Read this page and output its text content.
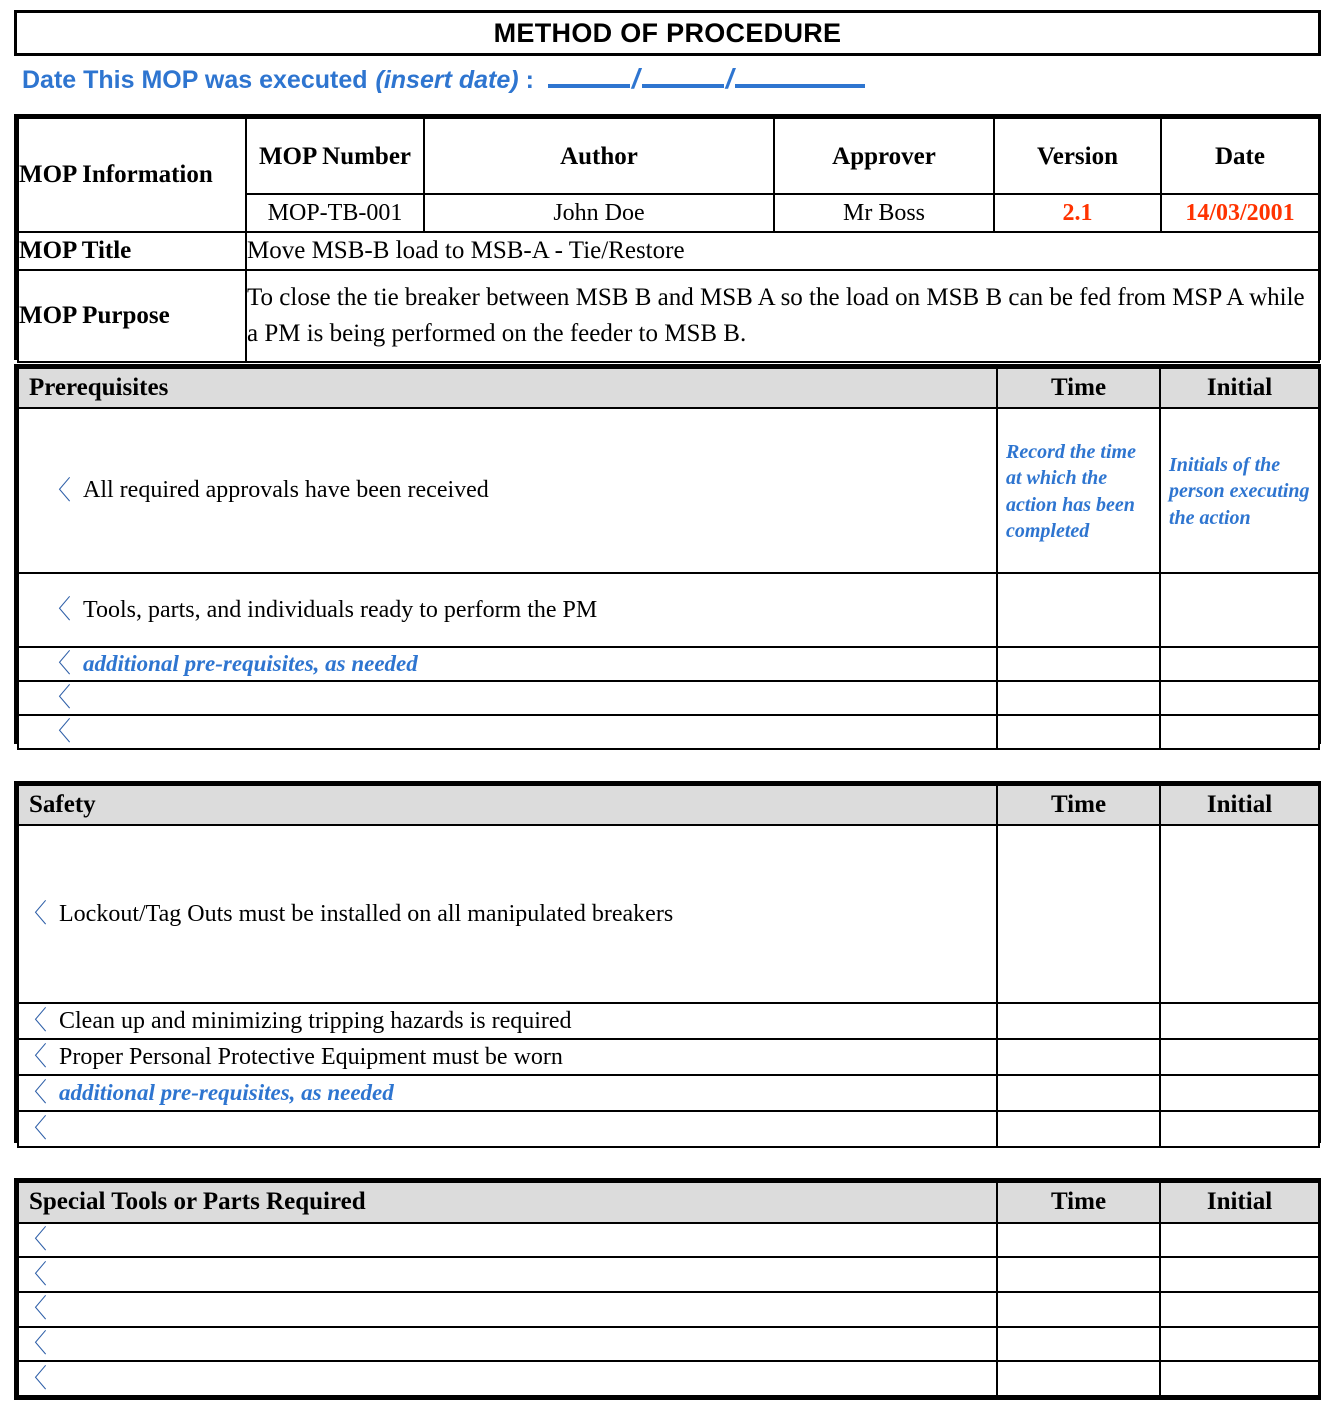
METHOD OF PROCEDURE
Date This MOP was executed (insert date) :	/	/
MOP Information	MOP Number	Author	Approver	Version	Date
	MOP-TB-001	John Doe	Mr Boss	2.1	14/03/2001
MOP Title	Move MSB-B load to MSB-A - Tie/Restore				
MOP Purpose	To close the tie breaker between MSB B and MSB A so the load on MSB B can be fed from MSP A while a PM is being performed on the feeder to MSB B.				
Prerequisites	Time	Initial

〈 All required approvals have been received	Record the time at which the action has been completed	Initials of the person executing the action

〈 Tools, parts, and individuals ready to perform the PM		

〈 additional pre-requisites, as needed		

〈		

〈		

Safety	Time	Initial

〈 Lockout/Tag Outs must be installed on all manipulated breakers		

〈 Clean up and minimizing tripping hazards is required		

〈 Proper Personal Protective Equipment must be worn		

〈 additional pre-requisites, as needed		

〈		

Special Tools or Parts Required	Time	Initial

〈		

〈		

〈		

〈		

〈		
